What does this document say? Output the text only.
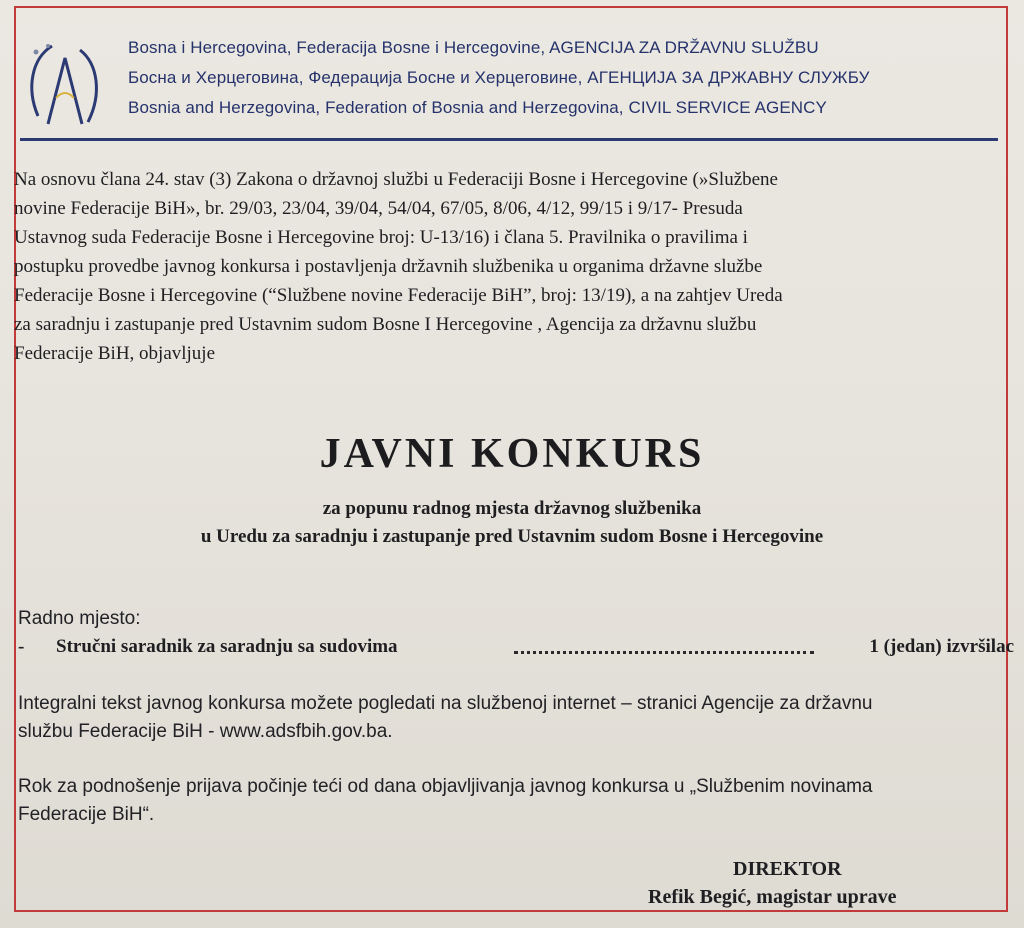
Bosna i Hercegovina, Federacija Bosne i Hercegovine, AGENCIJA ZA DRŽAVNU SLUŽBU
Босна и Херцеговина, Федерација Босне и Херцеговине, АГЕНЦИЈА ЗА ДРЖАВНУ СЛУЖБУ
Bosnia and Herzegovina, Federation of Bosnia and Herzegovina, CIVIL SERVICE AGENCY
Na osnovu člana 24. stav (3) Zakona o državnoj službi u Federaciji Bosne i Hercegovine (»Službene
novine Federacije BiH», br. 29/03, 23/04, 39/04, 54/04, 67/05, 8/06, 4/12, 99/15 i 9/17- Presuda
Ustavnog suda Federacije Bosne i Hercegovine broj: U-13/16) i člana 5. Pravilnika o pravilima i
postupku provedbe javnog konkursa i postavljenja državnih službenika u organima državne službe
Federacije Bosne i Hercegovine (“Službene novine Federacije BiH”, broj: 13/19), a na zahtjev Ureda
za saradnju i zastupanje pred Ustavnim sudom Bosne I Hercegovine , Agencija za državnu službu
Federacije BiH, objavljuje
JAVNI KONKURS
za popunu radnog mjesta državnog službenika
u Uredu za saradnju i zastupanje pred Ustavnim sudom Bosne i Hercegovine
Radno mjesto:
- Stručni saradnik za saradnju sa sudovima	1 (jedan) izvršilac
Integralni tekst javnog konkursa možete pogledati na službenoj internet – stranici Agencije za državnu
službu Federacije BiH - www.adsfbih.gov.ba.
Rok za podnošenje prijava počinje teći od dana objavljivanja javnog konkursa u „Službenim novinama
Federacije BiH“.
DIREKTOR
Refik Begić, magistar uprave
